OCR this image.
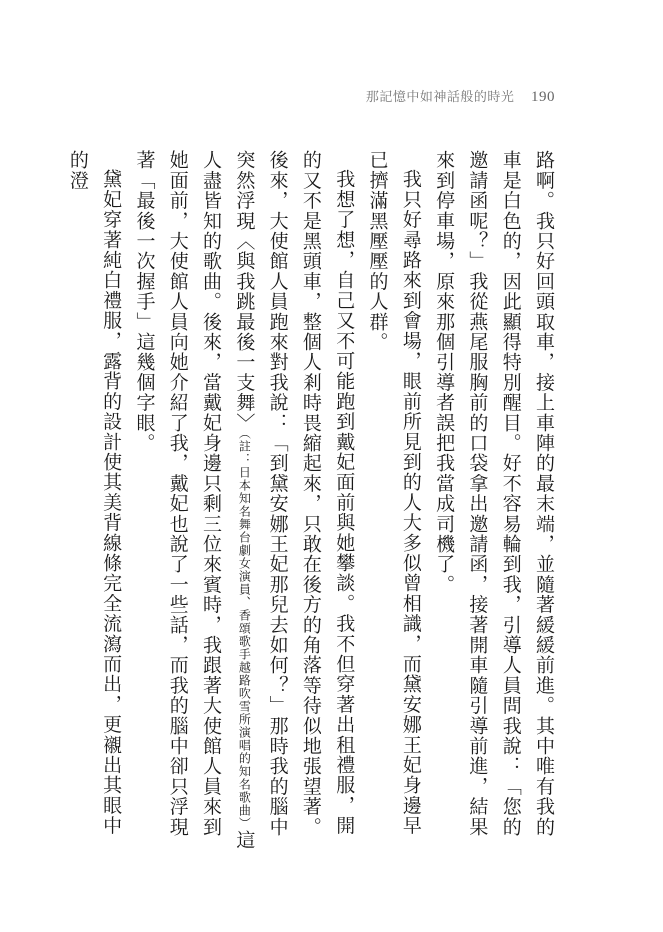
那記憶中如神話般的時光 190

路啊。我只好回頭取車，接上車陣的最末端，並隨著緩緩前進。其中唯有我的車是白色的，因此顯得特別醒目。好不容易輪到我，引導人員問我說：「您的邀請函呢？」我從燕尾服胸前的口袋拿出邀請函，接著開車隨引導前進，結果來到停車場，原來那個引導者誤把我當成司機了。

我只好尋路來到會場，眼前所見到的人大多似曾相識，而黛安娜王妃身邊早已擠滿黑壓壓的人群。

我想了想，自己又不可能跑到戴妃面前與她攀談。我不但穿著出租禮服，開的又不是黑頭車，整個人剎時畏縮起來，只敢在後方的角落等待似地張望著。後來，大使館人員跑來對我說：「到黛安娜王妃那兒去如何？」那時我的腦中突然浮現〈與我跳最後一支舞〉（註：日本知名舞台劇女演員、香頌歌手越路吹雪所演唱的知名歌曲）這人盡皆知的歌曲。後來，當戴妃身邊只剩三位來賓時，我跟著大使館人員來到她面前，大使館人員向她介紹了我，戴妃也說了一些話，而我的腦中卻只浮現著「最後一次握手」這幾個字眼。

黛妃穿著純白禮服，露背的設計使其美背線條完全流瀉而出，更襯出其眼中的澄
